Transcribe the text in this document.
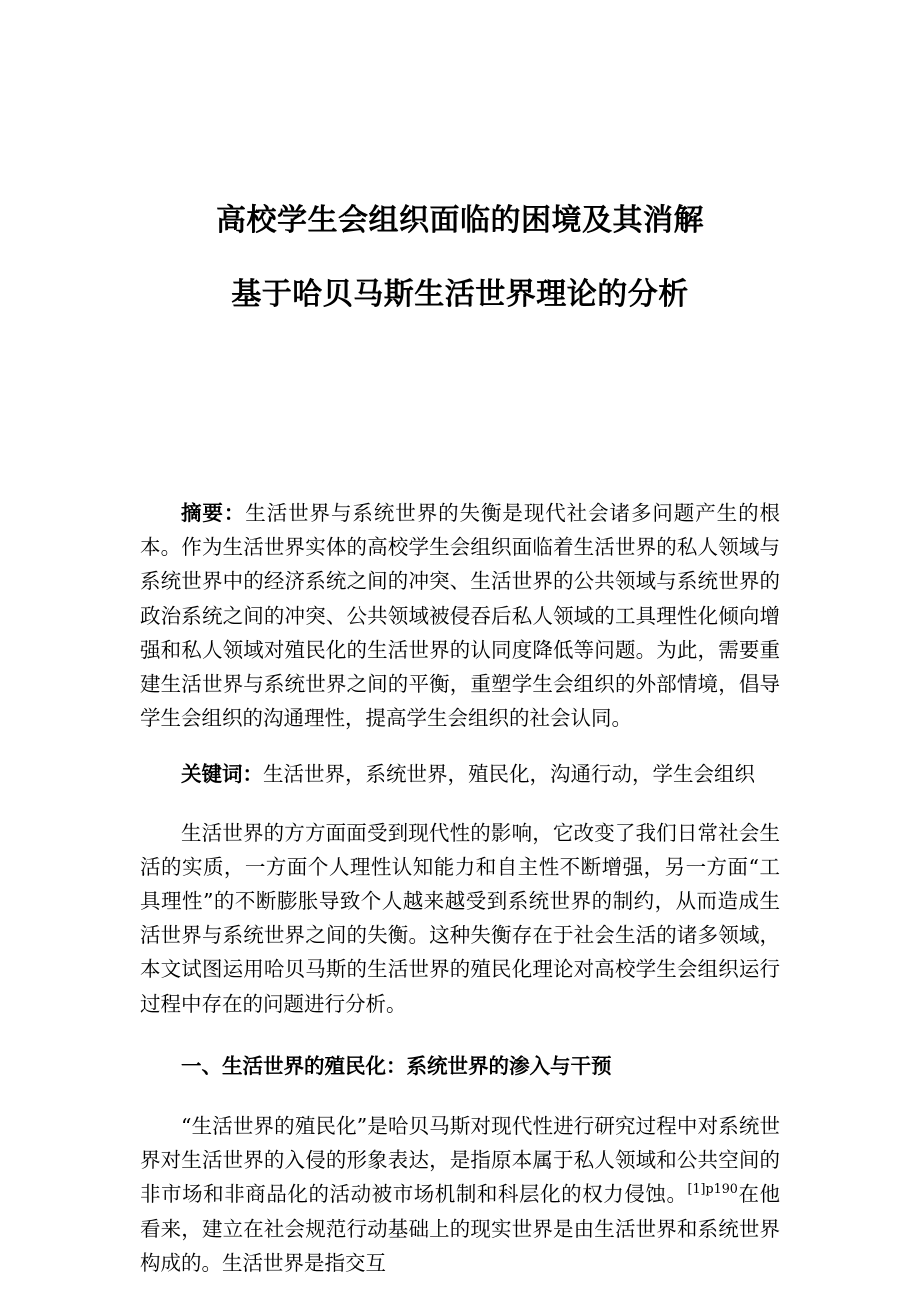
高校学生会组织面临的困境及其消解

基于哈贝马斯生活世界理论的分析

摘要：生活世界与系统世界的失衡是现代社会诸多问题产生的根本。作为生活世界实体的高校学生会组织面临着生活世界的私人领域与系统世界中的经济系统之间的冲突、生活世界的公共领域与系统世界的政治系统之间的冲突、公共领域被侵吞后私人领域的工具理性化倾向增强和私人领域对殖民化的生活世界的认同度降低等问题。为此，需要重建生活世界与系统世界之间的平衡，重塑学生会组织的外部情境，倡导学生会组织的沟通理性，提高学生会组织的社会认同。

关键词：生活世界，系统世界，殖民化，沟通行动，学生会组织

生活世界的方方面面受到现代性的影响，它改变了我们日常社会生活的实质，一方面个人理性认知能力和自主性不断增强，另一方面“工具理性”的不断膨胀导致个人越来越受到系统世界的制约，从而造成生活世界与系统世界之间的失衡。这种失衡存在于社会生活的诸多领域，本文试图运用哈贝马斯的生活世界的殖民化理论对高校学生会组织运行过程中存在的问题进行分析。

一、生活世界的殖民化：系统世界的渗入与干预

“生活世界的殖民化”是哈贝马斯对现代性进行研究过程中对系统世界对生活世界的入侵的形象表达，是指原本属于私人领域和公共空间的非市场和非商品化的活动被市场机制和科层化的权力侵蚀。$^{[1]p190}$在他看来，建立在社会规范行动基础上的现实世界是由生活世界和系统世界构成的。生活世界是指交互
